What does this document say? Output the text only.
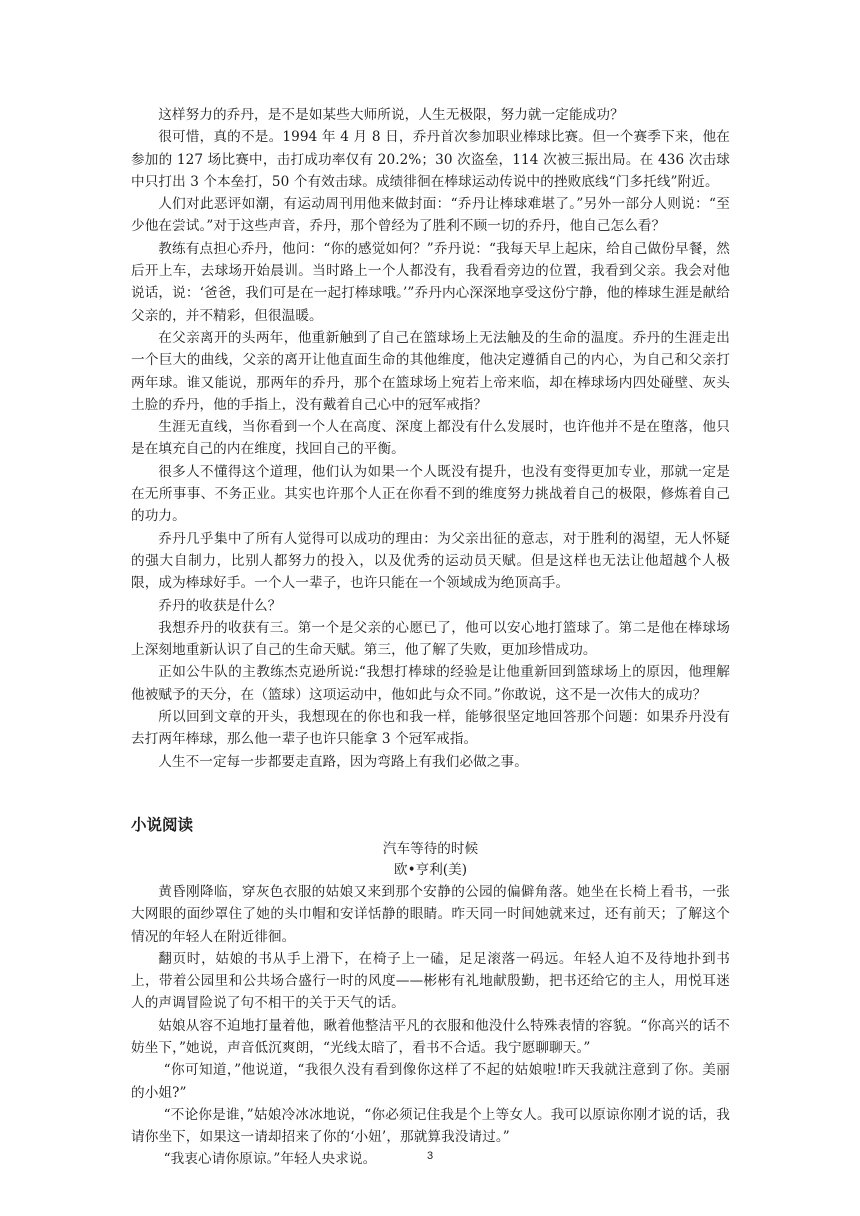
这样努力的乔丹，是不是如某些大师所说，人生无极限，努力就一定能成功？

很可惜，真的不是。1994 年 4 月 8 日，乔丹首次参加职业棒球比赛。但一个赛季下来，他在参加的 127 场比赛中，击打成功率仅有 20.2%；30 次盗垒，114 次被三振出局。在 436 次击球中只打出 3 个本垒打，50 个有效击球。成绩徘徊在棒球运动传说中的挫败底线“门多托线”附近。

人们对此恶评如潮，有运动周刊用他来做封面：“乔丹让棒球难堪了。”另外一部分人则说：“至少他在尝试。”对于这些声音，乔丹，那个曾经为了胜利不顾一切的乔丹，他自己怎么看？

教练有点担心乔丹，他问：“你的感觉如何？”乔丹说：“我每天早上起床，给自己做份早餐，然后开上车，去球场开始晨训。当时路上一个人都没有，我看看旁边的位置，我看到父亲。我会对他说话，说：‘爸爸，我们可是在一起打棒球哦。’”乔丹内心深深地享受这份宁静，他的棒球生涯是献给父亲的，并不精彩，但很温暖。

在父亲离开的头两年，他重新触到了自己在篮球场上无法触及的生命的温度。乔丹的生涯走出一个巨大的曲线，父亲的离开让他直面生命的其他维度，他决定遵循自己的内心，为自己和父亲打两年球。谁又能说，那两年的乔丹，那个在篮球场上宛若上帝来临，却在棒球场内四处碰壁、灰头土脸的乔丹，他的手指上，没有戴着自己心中的冠军戒指？

生涯无直线，当你看到一个人在高度、深度上都没有什么发展时，也许他并不是在堕落，他只是在填充自己的内在维度，找回自己的平衡。

很多人不懂得这个道理，他们认为如果一个人既没有提升，也没有变得更加专业，那就一定是在无所事事、不务正业。其实也许那个人正在你看不到的维度努力挑战着自己的极限，修炼着自己的功力。

乔丹几乎集中了所有人觉得可以成功的理由：为父亲出征的意志，对于胜利的渴望，无人怀疑的强大自制力，比别人都努力的投入，以及优秀的运动员天赋。但是这样也无法让他超越个人极限，成为棒球好手。一个人一辈子，也许只能在一个领域成为绝顶高手。

乔丹的收获是什么？

我想乔丹的收获有三。第一个是父亲的心愿已了，他可以安心地打篮球了。第二是他在棒球场上深刻地重新认识了自己的生命天赋。第三，他了解了失败，更加珍惜成功。

正如公牛队的主教练杰克逊所说:“我想打棒球的经验是让他重新回到篮球场上的原因，他理解他被赋予的天分，在（篮球）这项运动中，他如此与众不同。”你敢说，这不是一次伟大的成功？

所以回到文章的开头，我想现在的你也和我一样，能够很坚定地回答那个问题：如果乔丹没有去打两年棒球，那么他一辈子也许只能拿 3 个冠军戒指。

人生不一定每一步都要走直路，因为弯路上有我们必做之事。

小说阅读

汽车等待的时候

欧•亨利(美)

黄昏刚降临，穿灰色衣服的姑娘又来到那个安静的公园的偏僻角落。她坐在长椅上看书，一张大网眼的面纱罩住了她的头巾帽和安详恬静的眼睛。昨天同一时间她就来过，还有前天；了解这个情况的年轻人在附近徘徊。

翻页时，姑娘的书从手上滑下，在椅子上一磕，足足滚落一码远。年轻人迫不及待地扑到书上，带着公园里和公共场合盛行一时的风度——彬彬有礼地献殷勤，把书还给它的主人，用悦耳迷人的声调冒险说了句不相干的关于天气的话。

姑娘从容不迫地打量着他，瞅着他整洁平凡的衣服和他没什么特殊表情的容貌。“你高兴的话不妨坐下，”她说，声音低沉爽朗，“光线太暗了，看书不合适。我宁愿聊聊天。”

“你可知道，”他说道，“我很久没有看到像你这样了不起的姑娘啦!昨天我就注意到了你。美丽的小姐?”

“不论你是谁，”姑娘冷冰冰地说，“你必须记住我是个上等女人。我可以原谅你刚才说的话，我请你坐下，如果这一请却招来了你的‘小妞’，那就算我没请过。”

“我衷心请你原谅。”年轻人央求说。	3
